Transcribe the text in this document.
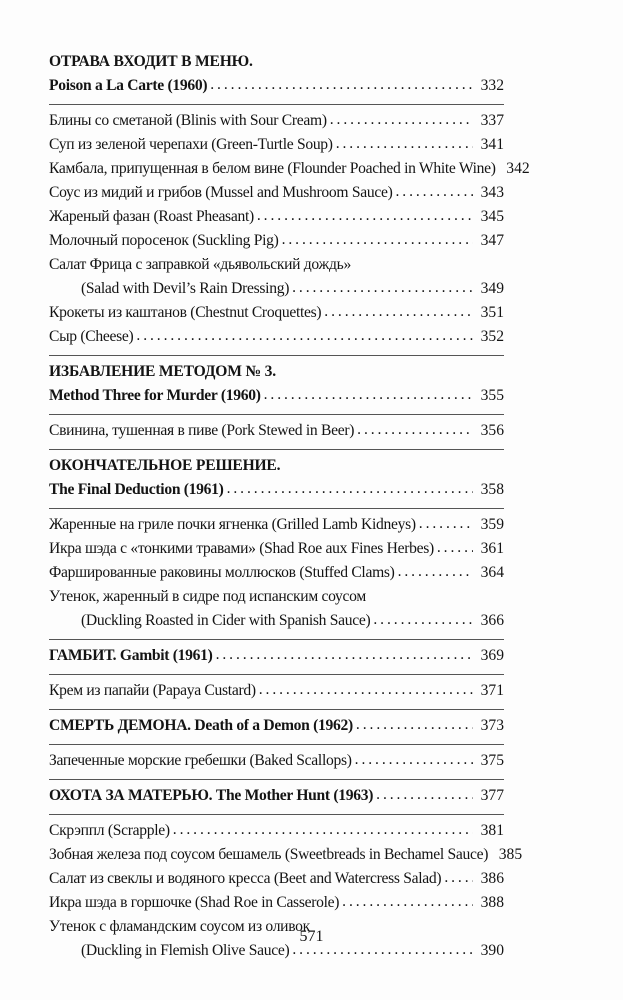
ОТРАВА ВХОДИТ В МЕНЮ.
Poison a La Carte (1960) . . .	332
Блины со сметаной (Blinis with Sour Cream) . . .	337
Суп из зеленой черепахи (Green-Turtle Soup) . . .	341
Камбала, припущенная в белом вине (Flounder Poached in White Wine) 342
Соус из мидий и грибов (Mussel and Mushroom Sauce) . . .	343
Жареный фазан (Roast Pheasant) . . .	345
Молочный поросенок (Suckling Pig) . . .	347
Салат Фрица с заправкой «дьявольский дождь»
(Salad with Devil’s Rain Dressing) . . .	349
Крокеты из каштанов (Chestnut Croquettes) . . .	351
Сыр (Cheese) . . .	352
ИЗБАВЛЕНИЕ МЕТОДОМ № 3.
Method Three for Murder (1960) . . .	355
Свинина, тушенная в пиве (Pork Stewed in Beer) . . .	356
ОКОНЧАТЕЛЬНОЕ РЕШЕНИЕ.
The Final Deduction (1961) . . .	358
Жаренные на гриле почки ягненка (Grilled Lamb Kidneys) . . .	359
Икра шэда с «тонкими травами» (Shad Roe aux Fines Herbes) . . .	361
Фаршированные раковины моллюсков (Stuffed Clams) . . .	364
Утенок, жаренный в сидре под испанским соусом
(Duckling Roasted in Cider with Spanish Sauce) . . .	366
ГАМБИТ. Gambit (1961) . . .	369
Крем из папайи (Papaya Custard) . . .	371
СМЕРТЬ ДЕМОНА. Death of a Demon (1962) . . .	373
Запеченные морские гребешки (Baked Scallops) . . .	375
ОХОТА ЗА МАТЕРЬЮ. The Mother Hunt (1963) . . .	377
Скрэппл (Scrapple) . . .	381
Зобная железа под соусом бешамель (Sweetbreads in Bechamel Sauce) 385
Салат из свеклы и водяного кресса (Beet and Watercress Salad) . . .	386
Икра шэда в горшочке (Shad Roe in Casserole) . . .	388
Утенок с фламандским соусом из оливок
(Duckling in Flemish Olive Sauce) . . .	390
571
